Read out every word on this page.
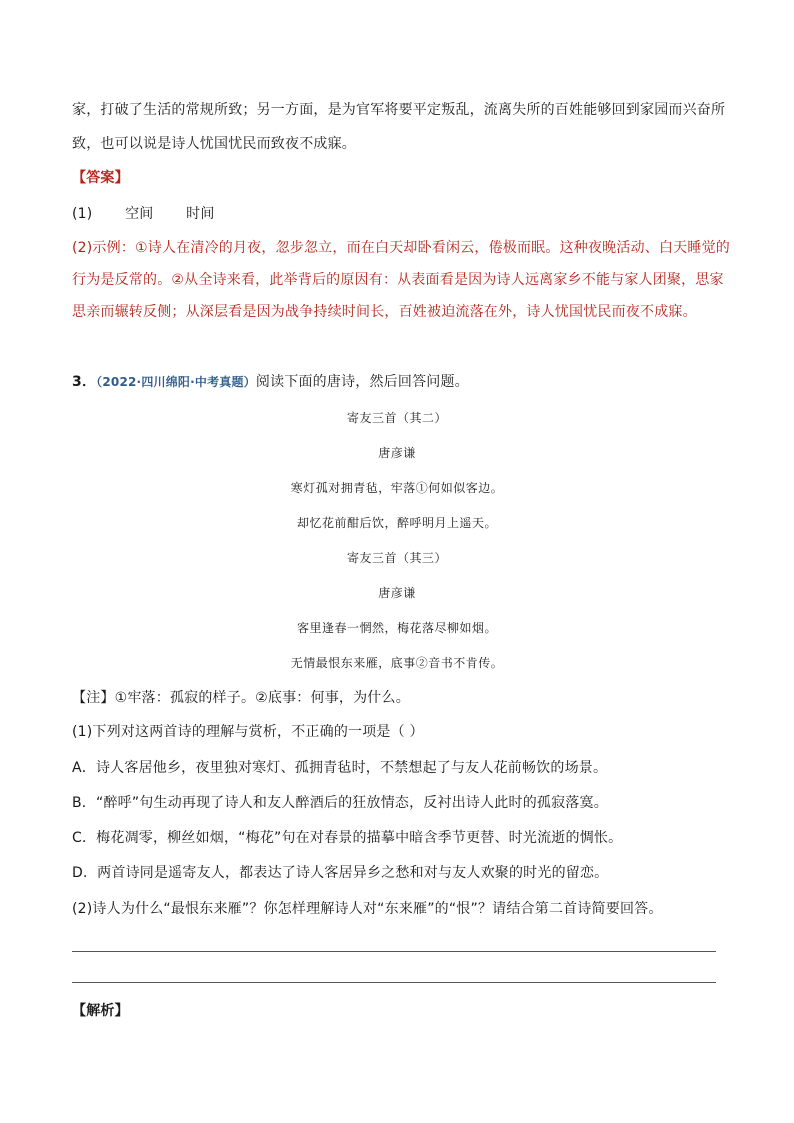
家，打破了生活的常规所致；另一方面，是为官军将要平定叛乱，流离失所的百姓能够回到家园而兴奋所
致，也可以说是诗人忧国忧民而致夜不成寐。
【答案】
(1) 空间 时间
(2)示例：①诗人在清冷的月夜，忽步忽立，而在白天却卧看闲云，倦极而眠。这种夜晚活动、白天睡觉的
行为是反常的。②从全诗来看，此举背后的原因有：从表面看是因为诗人远离家乡不能与家人团聚，思家
思亲而辗转反侧；从深层看是因为战争持续时间长，百姓被迫流落在外，诗人忧国忧民而夜不成寐。
3．（2022·四川绵阳·中考真题）阅读下面的唐诗，然后回答问题。
寄友三首（其二）
唐彦谦
寒灯孤对拥青毡，牢落①何如似客边。
却忆花前酣后饮，醉呼明月上遥天。
寄友三首（其三）
唐彦谦
客里逢春一惘然，梅花落尽柳如烟。
无情最恨东来雁，底事②音书不肯传。
【注】①牢落：孤寂的样子。②底事：何事，为什么。
(1)下列对这两首诗的理解与赏析，不正确的一项是（ ）
A．诗人客居他乡，夜里独对寒灯、孤拥青毡时，不禁想起了与友人花前畅饮的场景。
B．“醉呼”句生动再现了诗人和友人醉酒后的狂放情态，反衬出诗人此时的孤寂落寞。
C．梅花凋零，柳丝如烟，“梅花”句在对春景的描摹中暗含季节更替、时光流逝的惆怅。
D．两首诗同是遥寄友人，都表达了诗人客居异乡之愁和对与友人欢聚的时光的留恋。
(2)诗人为什么“最恨东来雁”？你怎样理解诗人对“东来雁”的“恨”？请结合第二首诗简要回答。
【解析】
